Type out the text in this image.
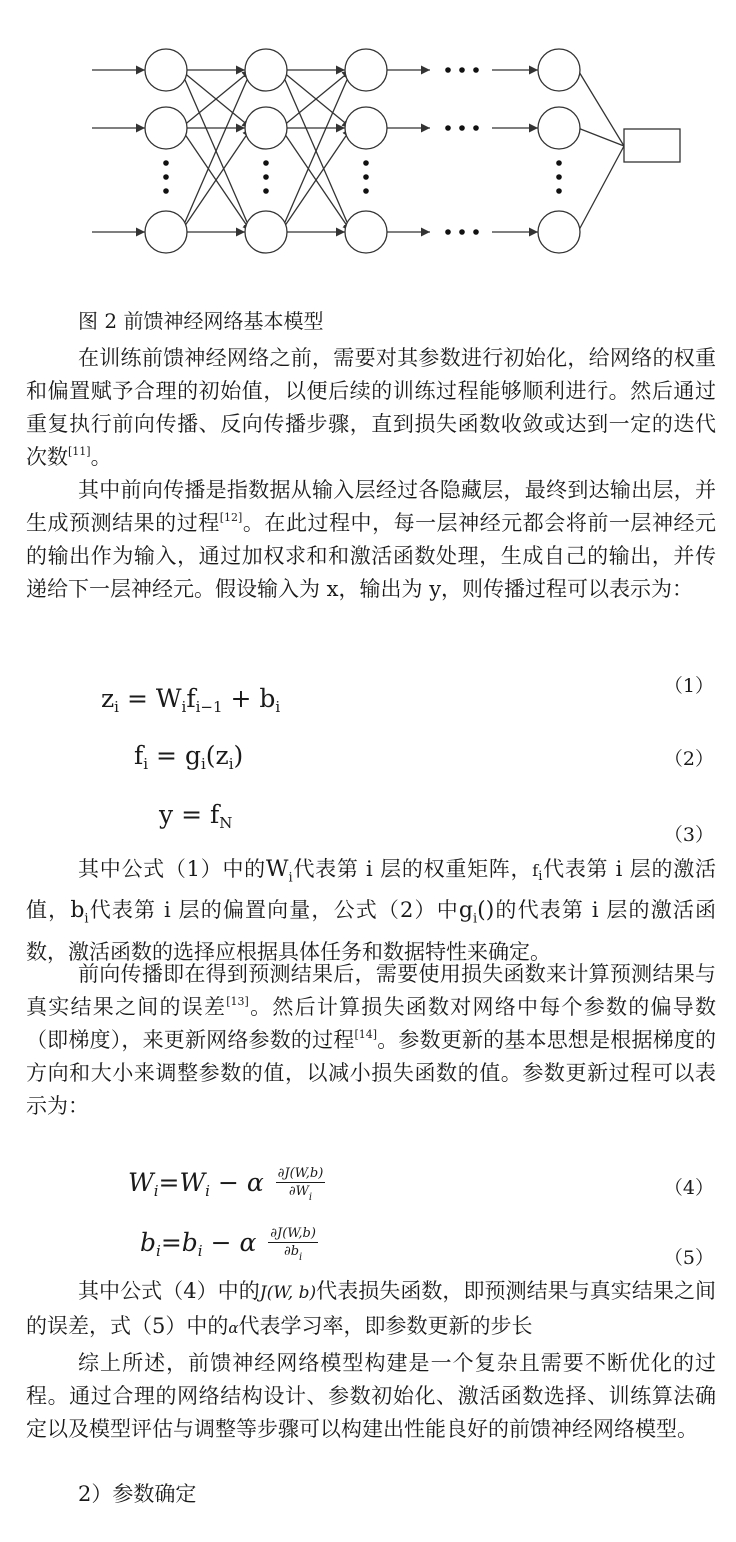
图 2 前馈神经网络基本模型

在训练前馈神经网络之前，需要对其参数进行初始化，给网络的权重和偏置赋予合理的初始值，以便后续的训练过程能够顺利进行。然后通过重复执行前向传播、反向传播步骤，直到损失函数收敛或达到一定的迭代次数[11]。

其中前向传播是指数据从输入层经过各隐藏层，最终到达输出层，并生成预测结果的过程[12]。在此过程中，每一层神经元都会将前一层神经元的输出作为输入，通过加权求和和激活函数处理，生成自己的输出，并传递给下一层神经元。假设输入为 x，输出为 y，则传播过程可以表示为：

$z_i = W_if_{i-1} + b_i$
（1）
$f_i = g_i(z_i)$	（2）
$y = f_N$
（3）

其中公式（1）中的$W_i$代表第 i 层的权重矩阵，$f_i$代表第 i 层的激活值，$b_i$代表第 i 层的偏置向量，公式（2）中$g_i()$的代表第 i 层的激活函数，激活函数的选择应根据具体任务和数据特性来确定。

前向传播即在得到预测结果后，需要使用损失函数来计算预测结果与真实结果之间的误差[13]。然后计算损失函数对网络中每个参数的偏导数（即梯度），来更新网络参数的过程[14]。参数更新的基本思想是根据梯度的方向和大小来调整参数的值，以减小损失函数的值。参数更新过程可以表示为：

$W_i=W_i - \alpha \frac{\partial J(W,b)}{\partial W_i}$	（4）
$b_i=b_i - \alpha \frac{\partial J(W,b)}{\partial b_i}$	（5）

其中公式（4）中的J(W, b)代表损失函数，即预测结果与真实结果之间的误差，式（5）中的α代表学习率，即参数更新的步长

综上所述，前馈神经网络模型构建是一个复杂且需要不断优化的过程。通过合理的网络结构设计、参数初始化、激活函数选择、训练算法确定以及模型评估与调整等步骤可以构建出性能良好的前馈神经网络模型。

2）参数确定
